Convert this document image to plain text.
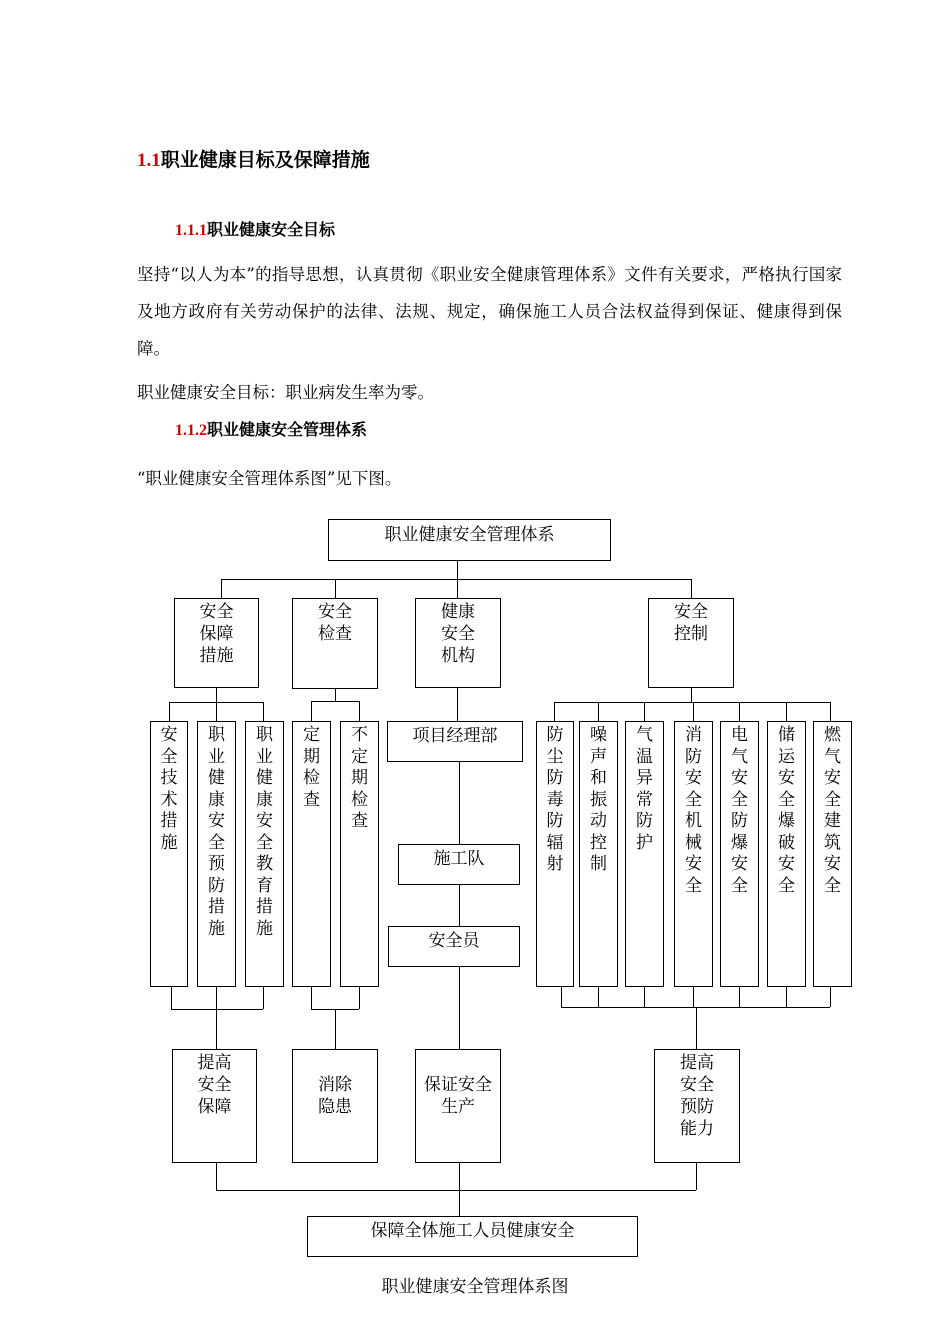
1.1职业健康目标及保障措施
1.1.1职业健康安全目标
坚持“以人为本”的指导思想，认真贯彻《职业安全健康管理体系》文件有关要求，严格执行国家及地方政府有关劳动保护的法律、法规、规定，确保施工人员合法权益得到保证、健康得到保障。
职业健康安全目标：职业病发生率为零。
1.1.2职业健康安全管理体系
“职业健康安全管理体系图”见下图。
职业健康安全管理体系
安全保障措施
安全检查
健康安全机构
安全控制
安全技术措施
职业健康安全预防措施
职业健康安全教育措施
定期检查
不定期检查
项目经理部
施工队
安全员
防尘防毒防辐射
噪声和振动控制
气温异常防护
消防安全机械安全
电气安全防爆安全
储运安全爆破安全
燃气安全建筑安全
提高安全保障
消除隐患
保证安全生产
提高安全预防能力
保障全体施工人员健康安全
职业健康安全管理体系图
